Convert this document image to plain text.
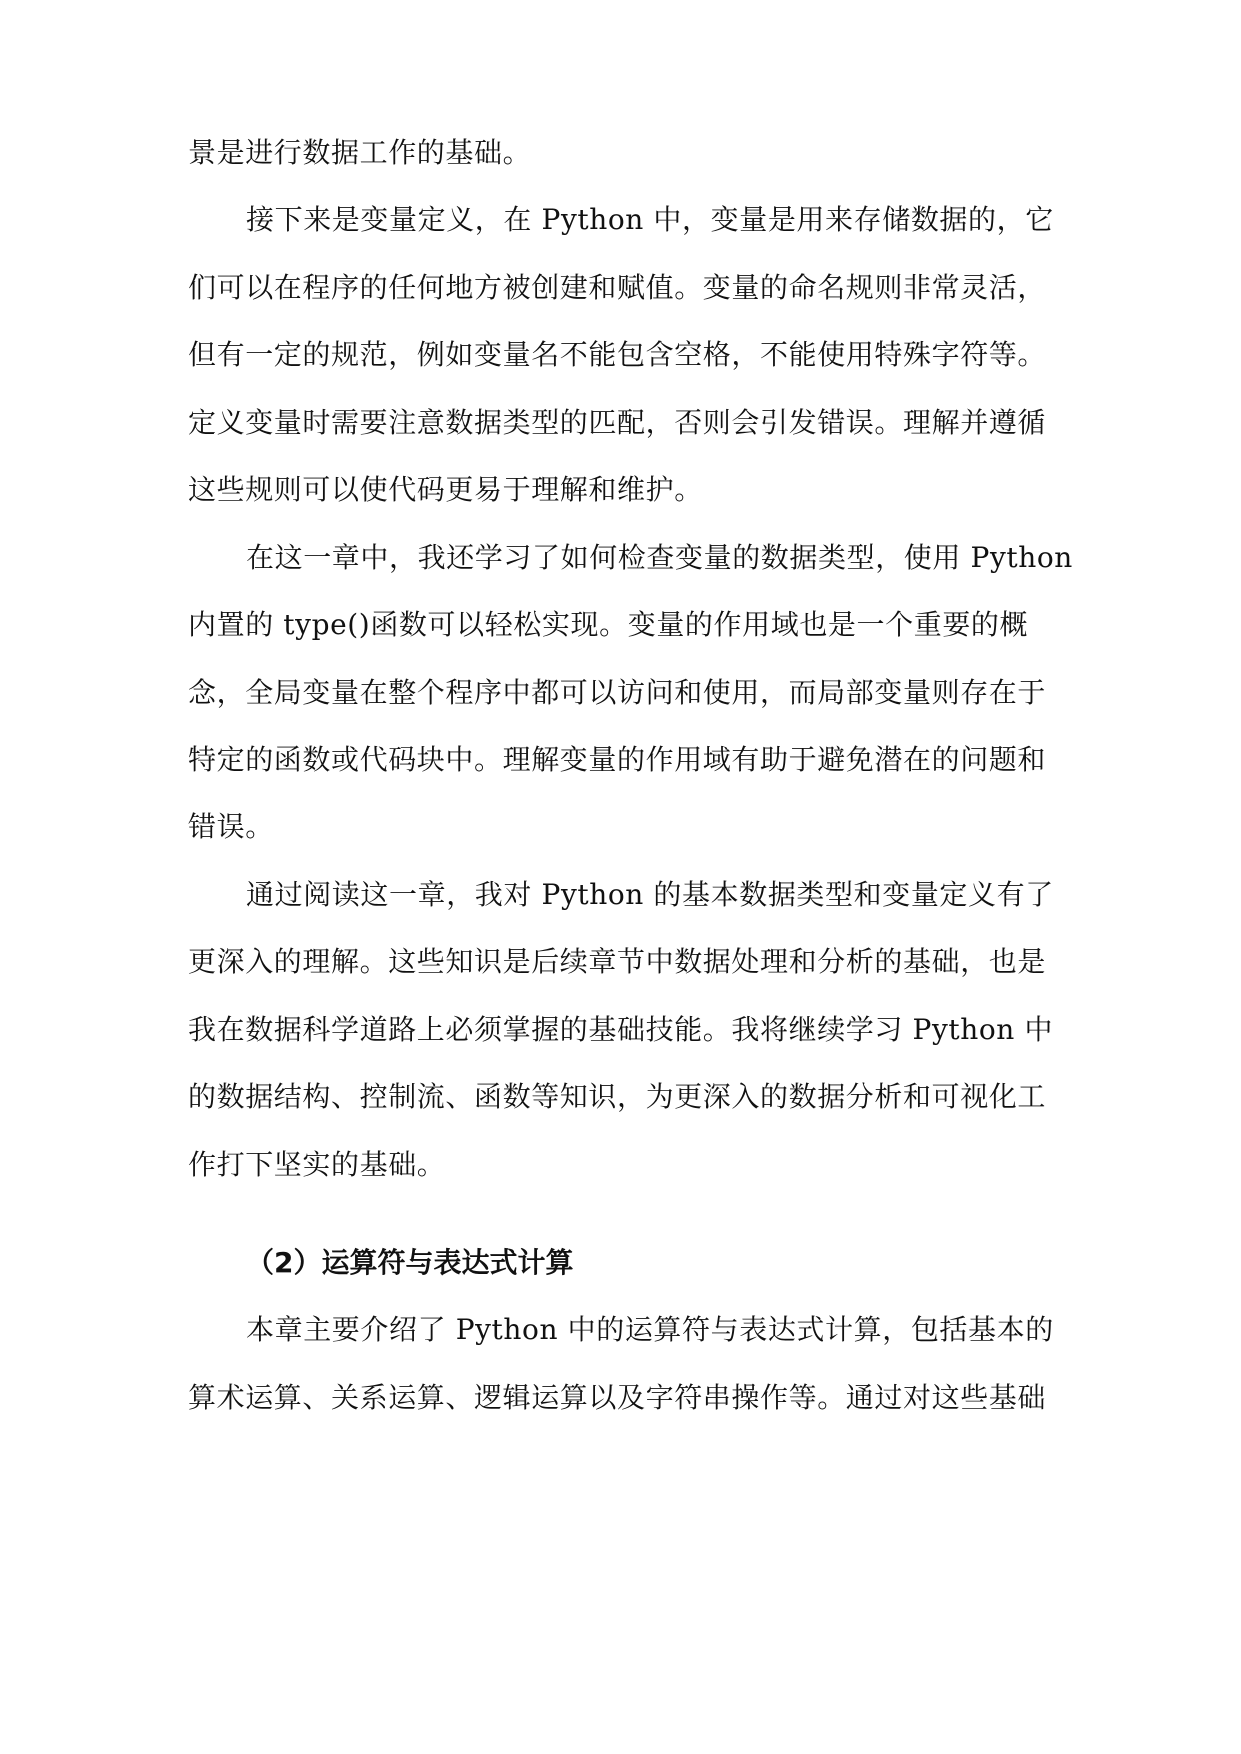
景是进行数据工作的基础。
接下来是变量定义，在 Python 中，变量是用来存储数据的，它
们可以在程序的任何地方被创建和赋值。变量的命名规则非常灵活，
但有一定的规范，例如变量名不能包含空格，不能使用特殊字符等。
定义变量时需要注意数据类型的匹配，否则会引发错误。理解并遵循
这些规则可以使代码更易于理解和维护。
在这一章中，我还学习了如何检查变量的数据类型，使用 Python
内置的 type()函数可以轻松实现。变量的作用域也是一个重要的概
念，全局变量在整个程序中都可以访问和使用，而局部变量则存在于
特定的函数或代码块中。理解变量的作用域有助于避免潜在的问题和
错误。
通过阅读这一章，我对 Python 的基本数据类型和变量定义有了
更深入的理解。这些知识是后续章节中数据处理和分析的基础，也是
我在数据科学道路上必须掌握的基础技能。我将继续学习 Python 中
的数据结构、控制流、函数等知识，为更深入的数据分析和可视化工
作打下坚实的基础。
（2）运算符与表达式计算
本章主要介绍了 Python 中的运算符与表达式计算，包括基本的
算术运算、关系运算、逻辑运算以及字符串操作等。通过对这些基础
